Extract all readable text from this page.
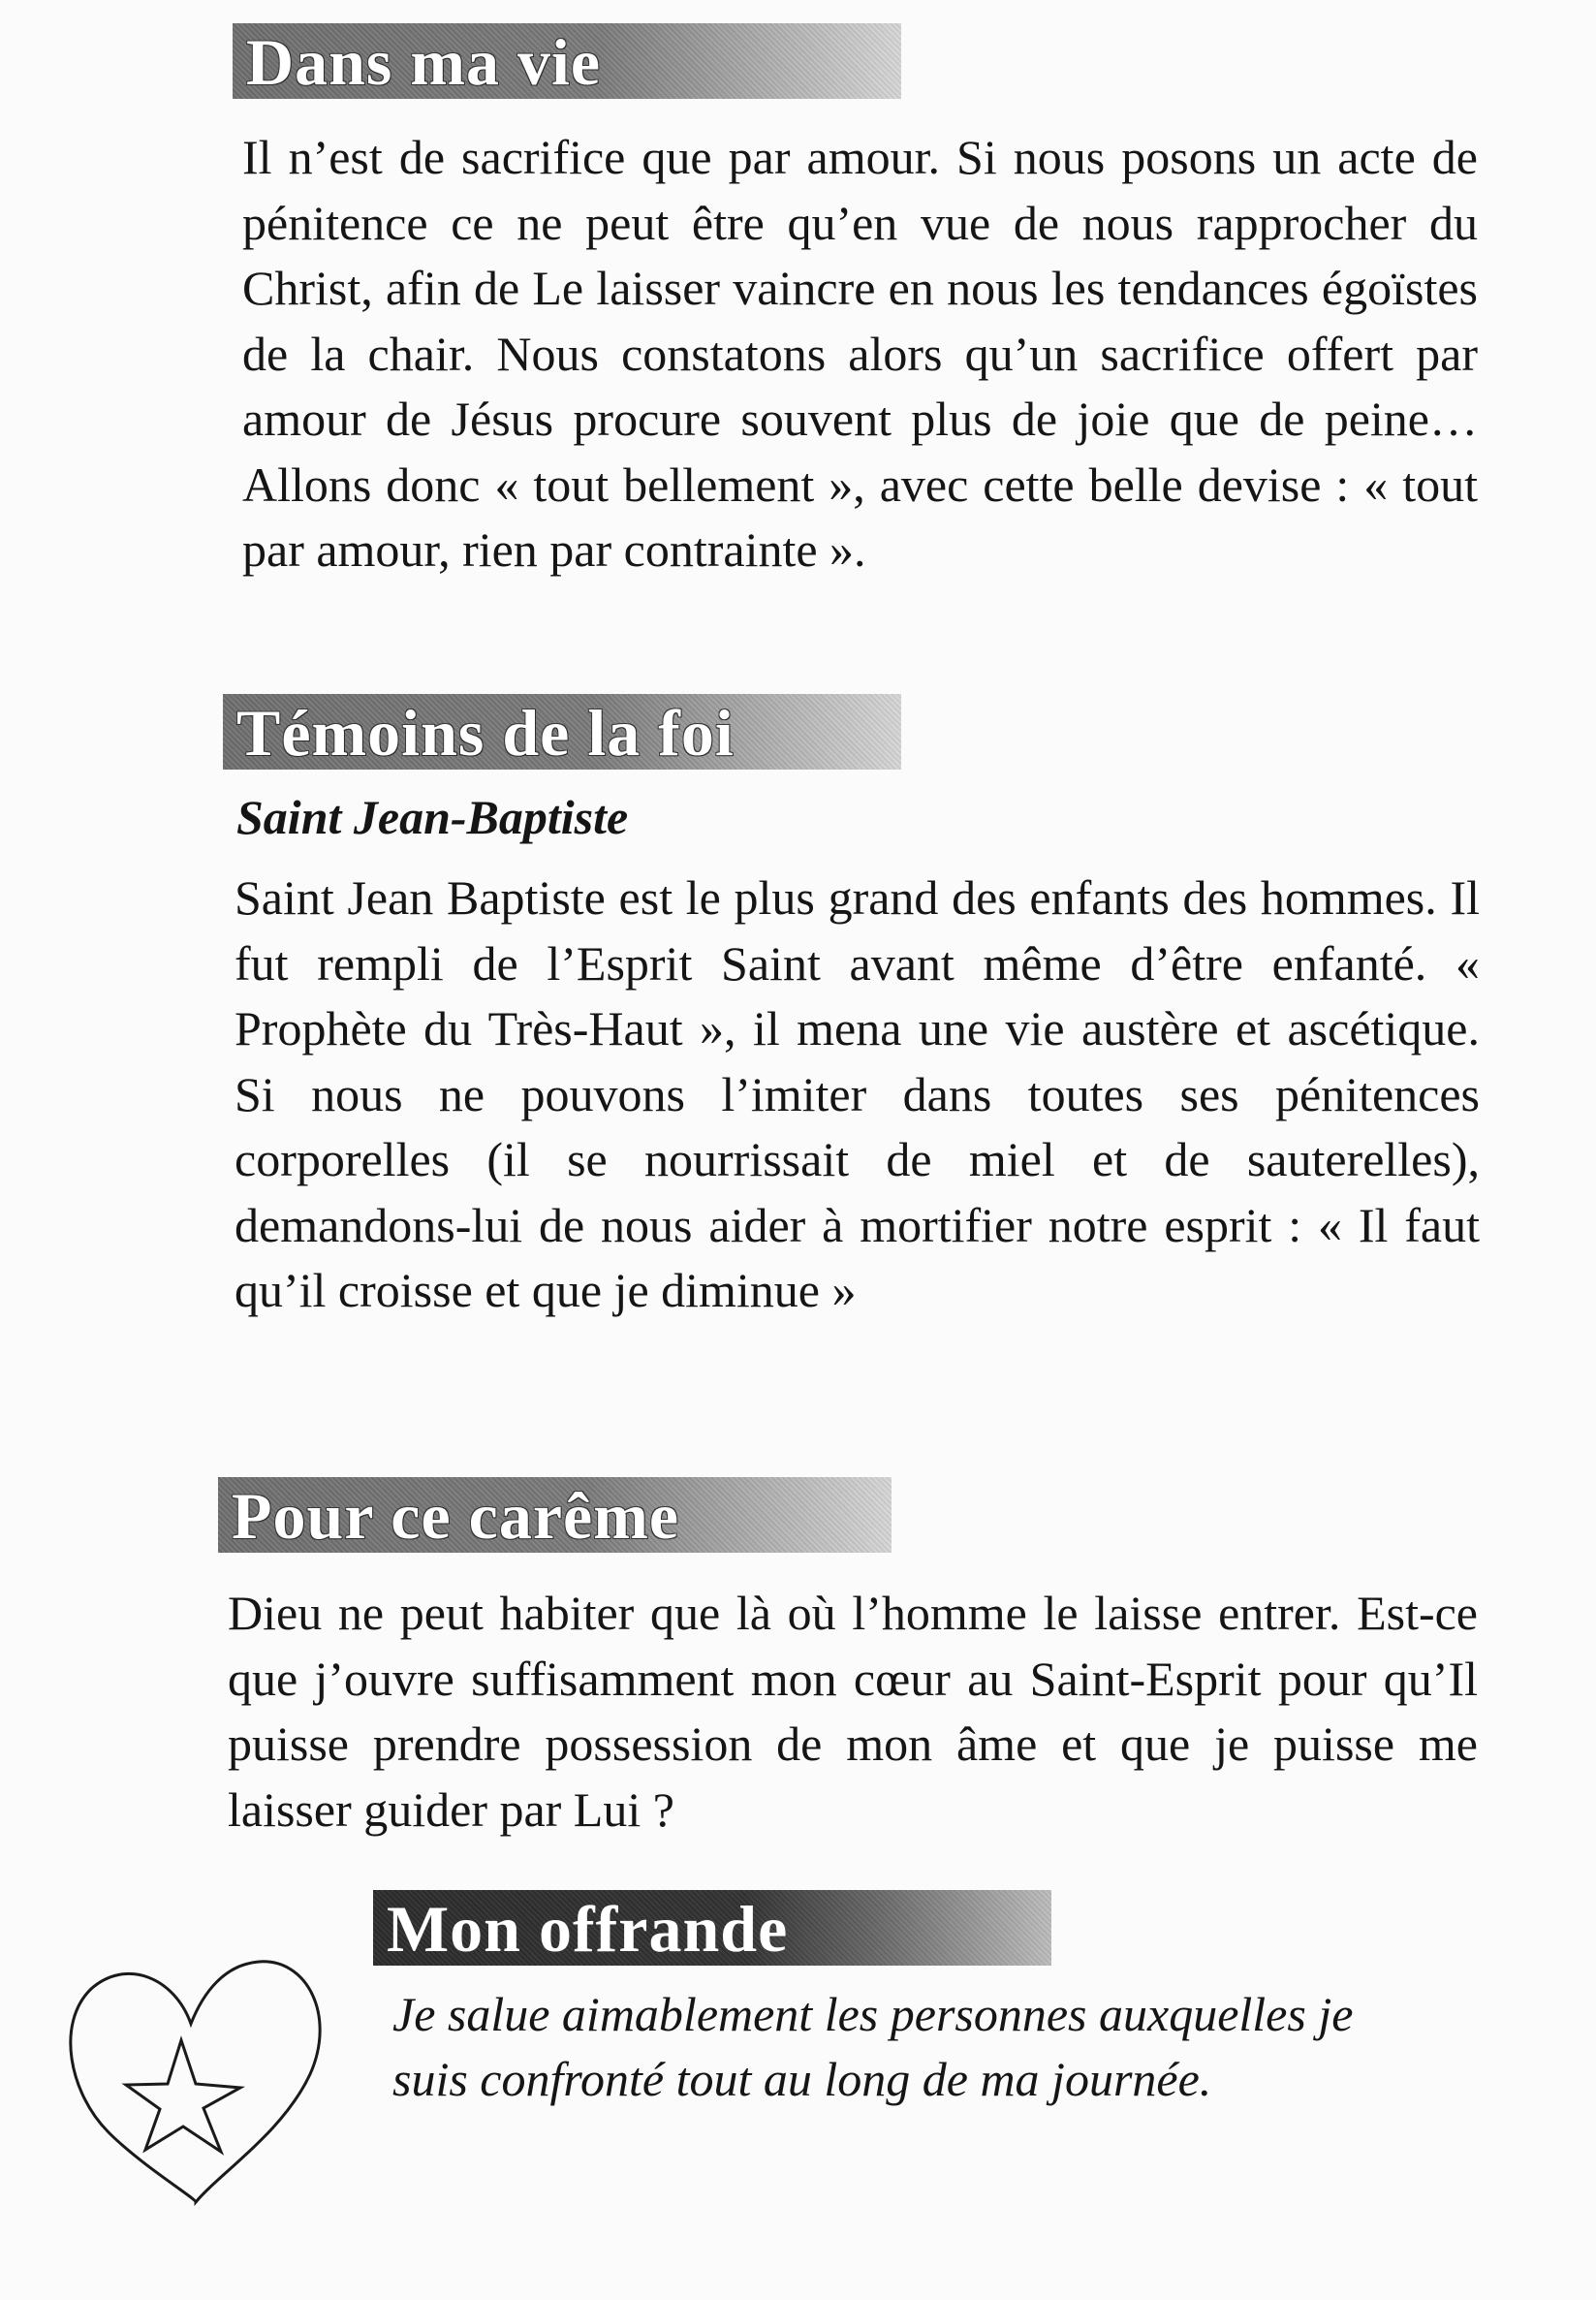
Dans ma vie

Il n’est de sacrifice que par amour. Si nous posons un acte de pénitence ce ne peut être qu’en vue de nous rapprocher du Christ, afin de Le laisser vaincre en nous les tendances égoïstes de la chair. Nous constatons alors qu’un sacrifice offert par amour de Jésus procure souvent plus de joie que de peine… Allons donc « tout bellement », avec cette belle devise : « tout par amour, rien par contrainte ».

Témoins de la foi

Saint Jean-Baptiste

Saint Jean Baptiste est le plus grand des enfants des hommes. Il fut rempli de l’Esprit Saint avant même d’être enfanté. « Prophète du Très-Haut », il mena une vie austère et ascétique. Si nous ne pouvons l’imiter dans toutes ses pénitences corporelles (il se nourrissait de miel et de sauterelles), demandons-lui de nous aider à mortifier notre esprit : « Il faut qu’il croisse et que je diminue »

Pour ce carême

Dieu ne peut habiter que là où l’homme le laisse entrer. Est-ce que j’ouvre suffisamment mon cœur au Saint-Esprit pour qu’Il puisse prendre possession de mon âme et que je puisse me laisser guider par Lui ?

Mon offrande

Je salue aimablement les personnes auxquelles je suis confronté tout au long de ma journée.
